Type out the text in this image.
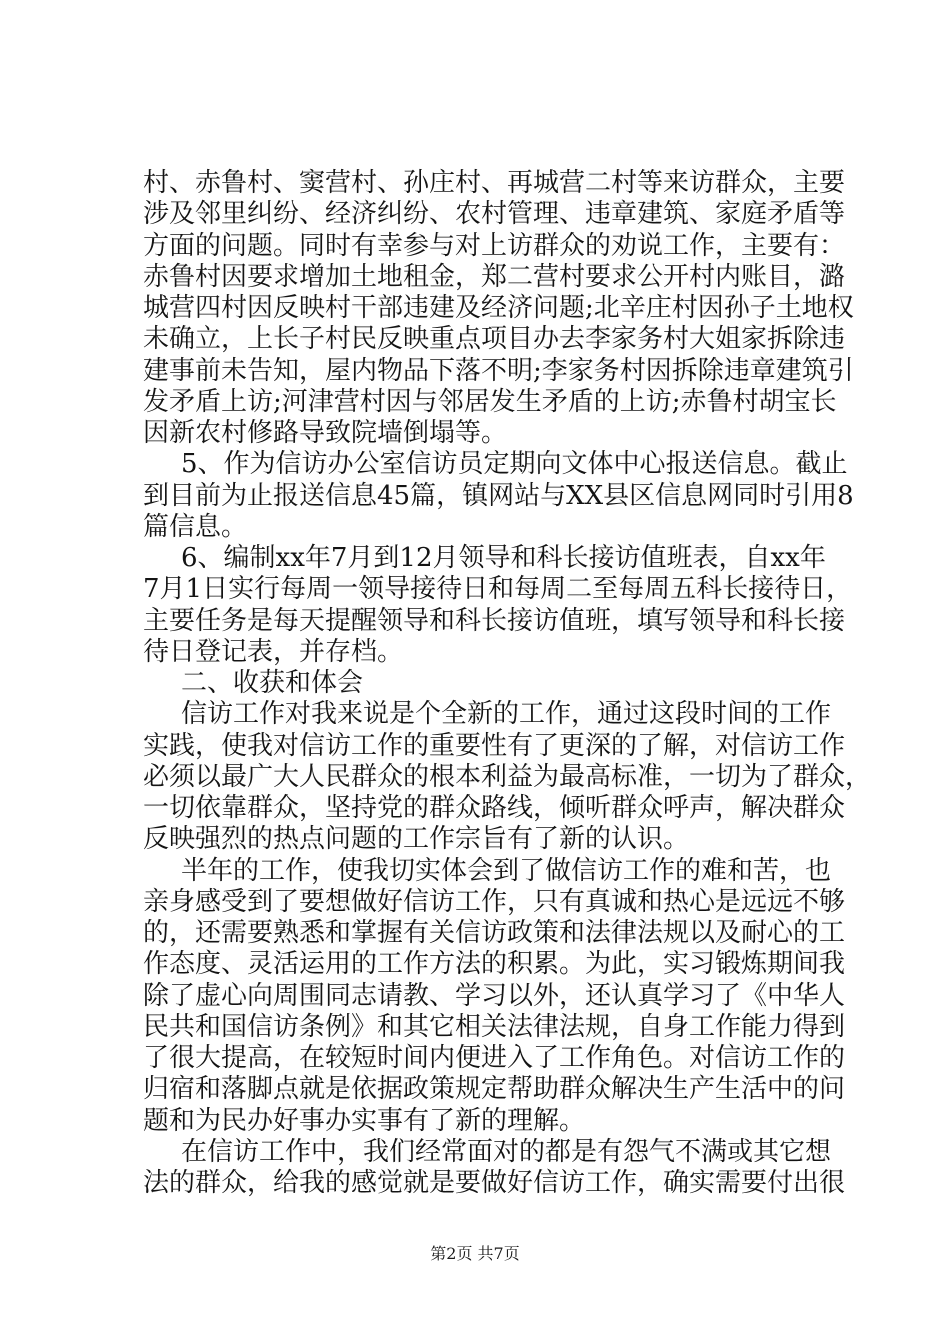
村、赤鲁村、窦营村、孙庄村、再城营二村等来访群众，主要
涉及邻里纠纷、经济纠纷、农村管理、违章建筑、家庭矛盾等
方面的问题。同时有幸参与对上访群众的劝说工作，主要有：
赤鲁村因要求增加土地租金，郑二营村要求公开村内账目，潞
城营四村因反映村干部违建及经济问题;北辛庄村因孙子土地权
未确立，上长子村民反映重点项目办去李家务村大姐家拆除违
建事前未告知，屋内物品下落不明;李家务村因拆除违章建筑引
发矛盾上访;河津营村因与邻居发生矛盾的上访;赤鲁村胡宝长
因新农村修路导致院墙倒塌等。
5、作为信访办公室信访员定期向文体中心报送信息。截止
到目前为止报送信息45篇，镇网站与XX县区信息网同时引用8
篇信息。
6、编制xx年7月到12月领导和科长接访值班表，自xx年
7月1日实行每周一领导接待日和每周二至每周五科长接待日，
主要任务是每天提醒领导和科长接访值班，填写领导和科长接
待日登记表，并存档。
二、收获和体会
信访工作对我来说是个全新的工作，通过这段时间的工作
实践，使我对信访工作的重要性有了更深的了解，对信访工作
必须以最广大人民群众的根本利益为最高标准，一切为了群众，
一切依靠群众，坚持党的群众路线，倾听群众呼声，解决群众
反映强烈的热点问题的工作宗旨有了新的认识。
半年的工作，使我切实体会到了做信访工作的难和苦，也
亲身感受到了要想做好信访工作，只有真诚和热心是远远不够
的，还需要熟悉和掌握有关信访政策和法律法规以及耐心的工
作态度、灵活运用的工作方法的积累。为此，实习锻炼期间我
除了虚心向周围同志请教、学习以外，还认真学习了《中华人
民共和国信访条例》和其它相关法律法规，自身工作能力得到
了很大提高，在较短时间内便进入了工作角色。对信访工作的
归宿和落脚点就是依据政策规定帮助群众解决生产生活中的问
题和为民办好事办实事有了新的理解。
在信访工作中，我们经常面对的都是有怨气不满或其它想
法的群众，给我的感觉就是要做好信访工作，确实需要付出很
第2页 共7页
